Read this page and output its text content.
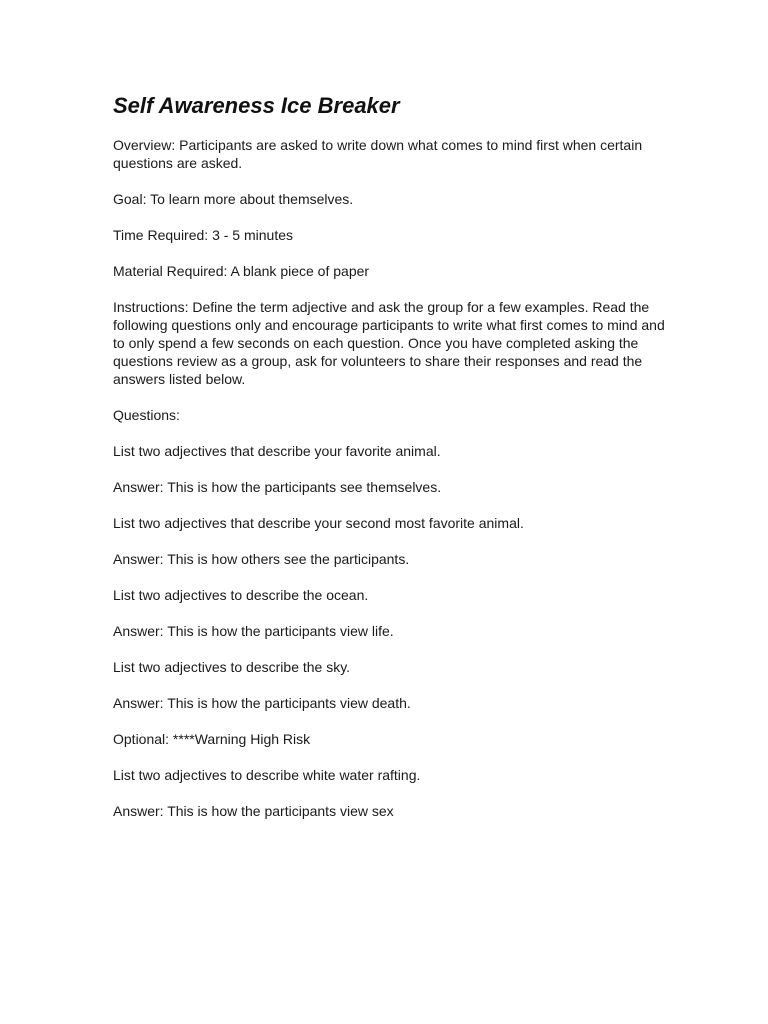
Self Awareness Ice Breaker

Overview: Participants are asked to write down what comes to mind first when certain questions are asked.

Goal: To learn more about themselves.

Time Required: 3 - 5 minutes

Material Required: A blank piece of paper

Instructions: Define the term adjective and ask the group for a few examples. Read the following questions only and encourage participants to write what first comes to mind and to only spend a few seconds on each question. Once you have completed asking the questions review as a group, ask for volunteers to share their responses and read the answers listed below.

Questions:

List two adjectives that describe your favorite animal.

Answer: This is how the participants see themselves.

List two adjectives that describe your second most favorite animal.

Answer: This is how others see the participants.

List two adjectives to describe the ocean.

Answer: This is how the participants view life.

List two adjectives to describe the sky.

Answer: This is how the participants view death.

Optional: ****Warning High Risk

List two adjectives to describe white water rafting.

Answer: This is how the participants view sex
